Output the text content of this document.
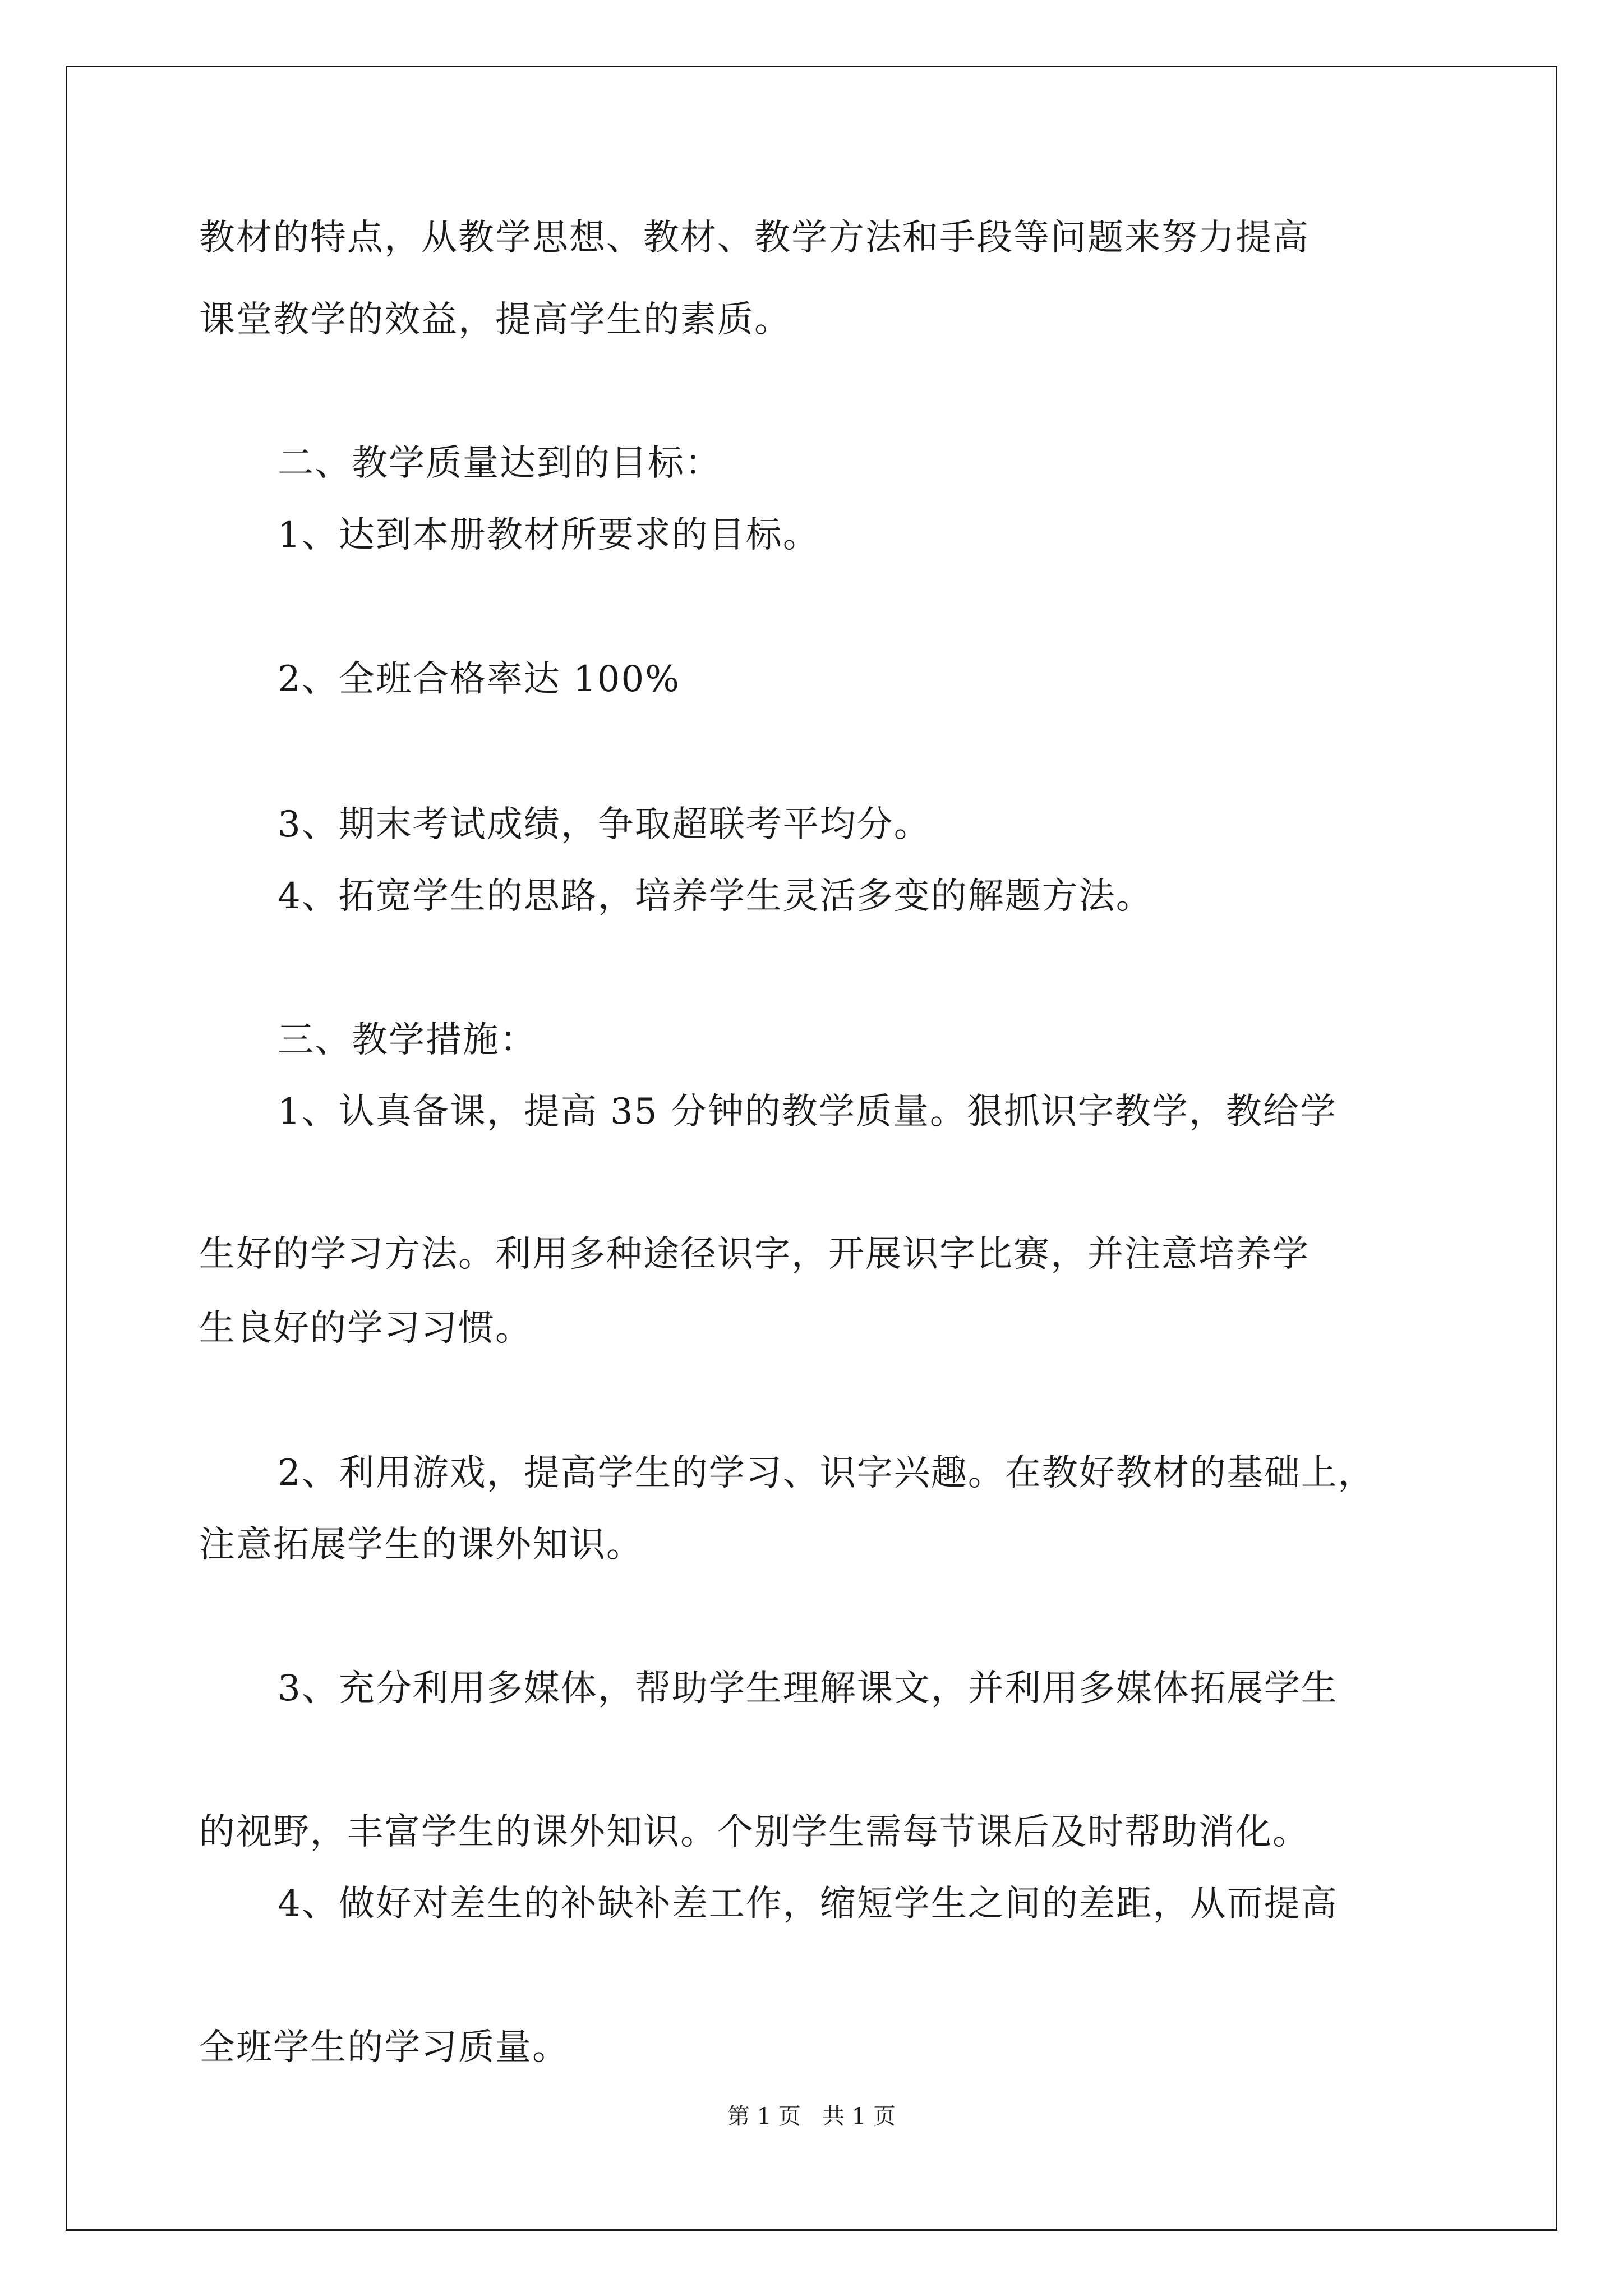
教材的特点，从教学思想、教材、教学方法和手段等问题来努力提高
课堂教学的效益，提高学生的素质。
二、教学质量达到的目标：
1、达到本册教材所要求的目标。
2、全班合格率达 100%
3、期末考试成绩，争取超联考平均分。
4、拓宽学生的思路，培养学生灵活多变的解题方法。
三、教学措施：
1、认真备课，提高 35 分钟的教学质量。狠抓识字教学，教给学
生好的学习方法。利用多种途径识字，开展识字比赛，并注意培养学
生良好的学习习惯。
2、利用游戏，提高学生的学习、识字兴趣。在教好教材的基础上，
注意拓展学生的课外知识。
3、充分利用多媒体，帮助学生理解课文，并利用多媒体拓展学生
的视野，丰富学生的课外知识。个别学生需每节课后及时帮助消化。
4、做好对差生的补缺补差工作，缩短学生之间的差距，从而提高
全班学生的学习质量。
第 1 页   共 1 页
